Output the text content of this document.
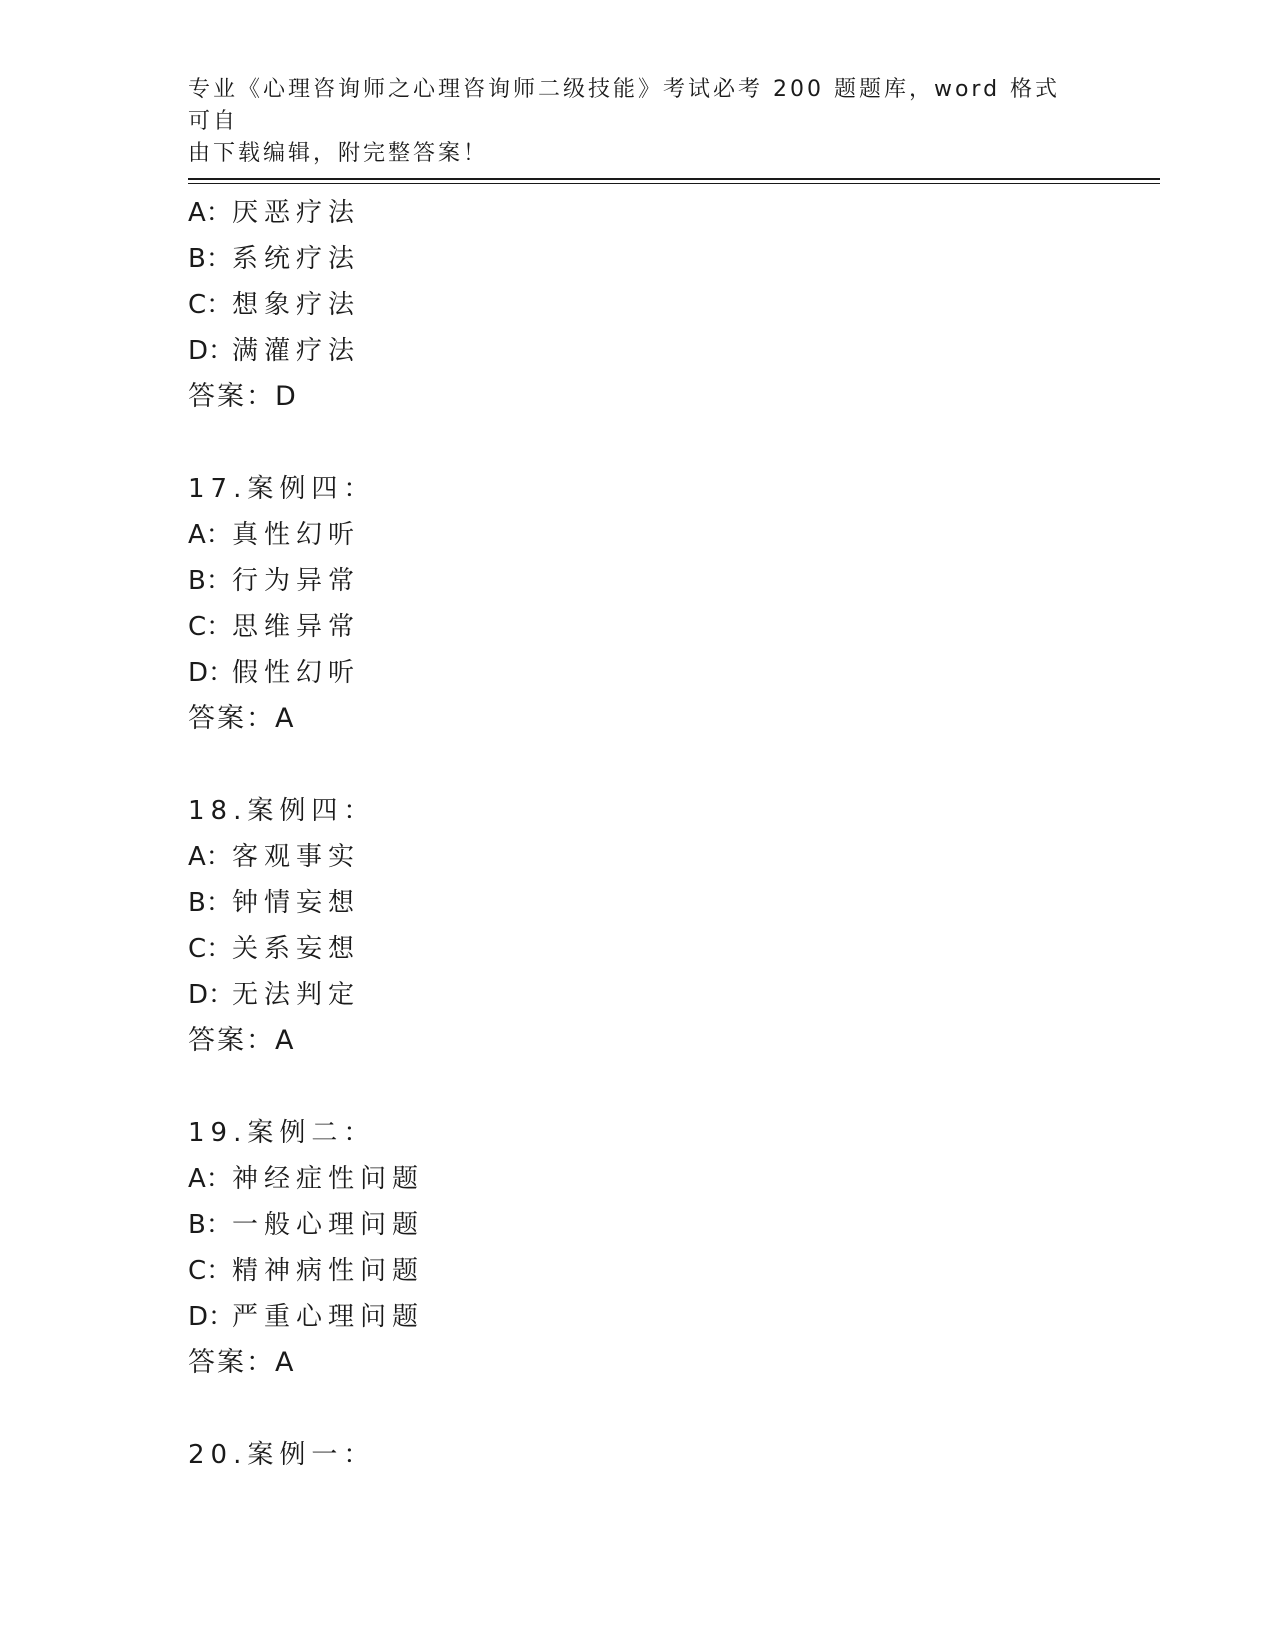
专业《心理咨询师之心理咨询师二级技能》考试必考 200 题题库，word 格式可自
由下载编辑，附完整答案！
A：厌恶疗法
B：系统疗法
C：想象疗法
D：满灌疗法
答案：D
17.案例四：
A：真性幻听
B：行为异常
C：思维异常
D：假性幻听
答案：A
18.案例四：
A：客观事实
B：钟情妄想
C：关系妄想
D：无法判定
答案：A
19.案例二：
A：神经症性问题
B：一般心理问题
C：精神病性问题
D：严重心理问题
答案：A
20.案例一：
